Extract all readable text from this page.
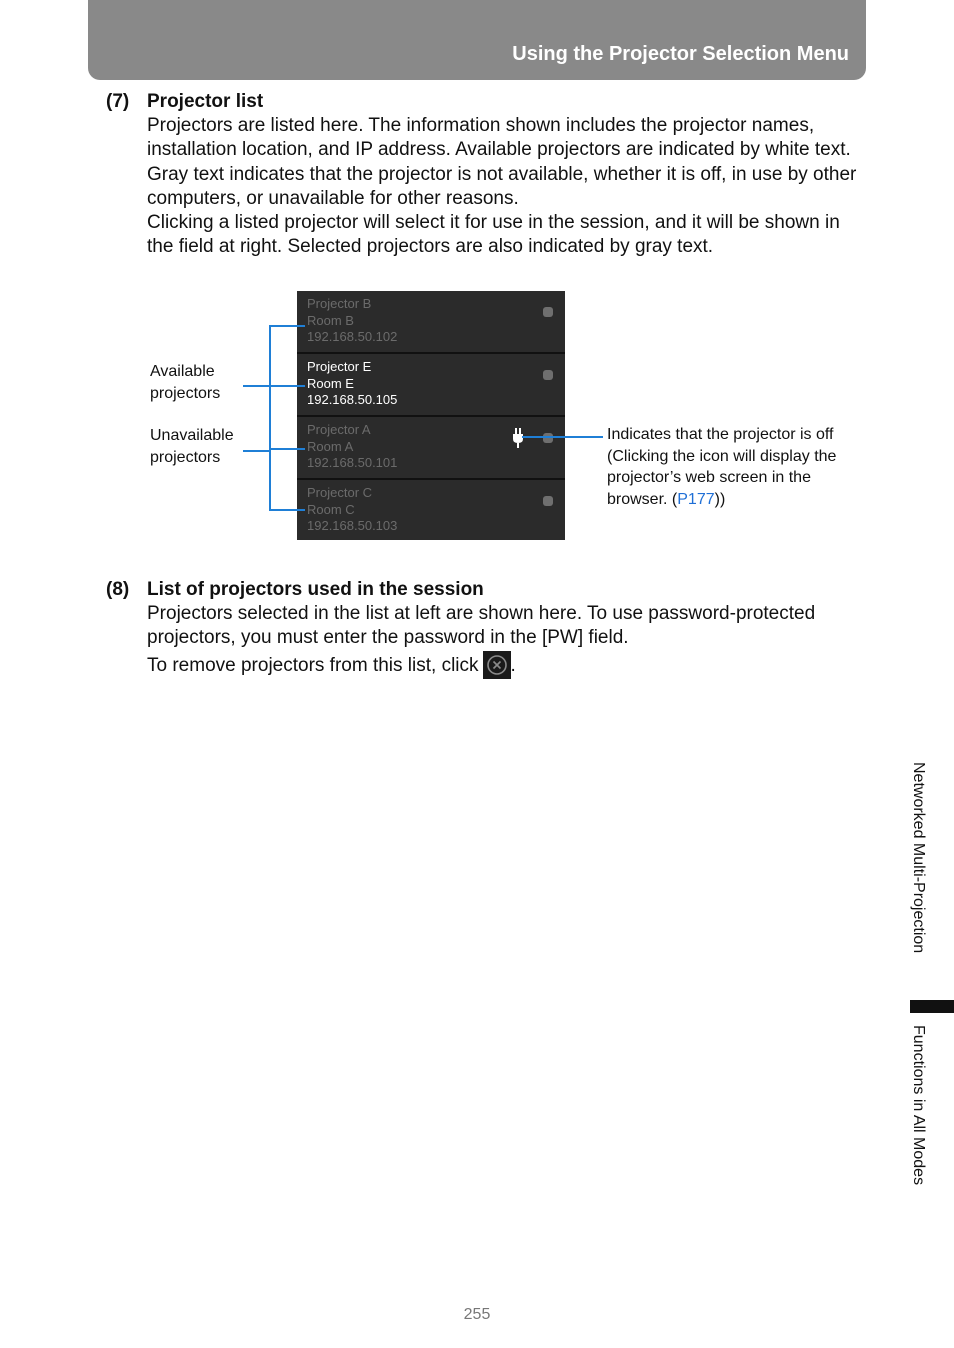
Using the Projector Selection Menu
(7) Projector list

Projectors are listed here. The information shown includes the projector names, installation location, and IP address. Available projectors are indicated by white text.

Gray text indicates that the projector is not available, whether it is off, in use by other computers, or unavailable for other reasons.

Clicking a listed projector will select it for use in the session, and it will be shown in the field at right. Selected projectors are also indicated by gray text.

Projector B
Room B
192.168.50.102
Projector E
Room E
192.168.50.105
Projector A
Room A
192.168.50.101
Projector C
Room C
192.168.50.103
Available
projectors
Unavailable
projectors
Indicates that the projector is off (Clicking the icon will display the projector’s web screen in the browser. (P177))
(8) List of projectors used in the session

Projectors selected in the list at left are shown here. To use password-protected projectors, you must enter the password in the [PW] field.

To remove projectors from this list, click .

Networked Multi-Projection
Functions in All Modes
255
